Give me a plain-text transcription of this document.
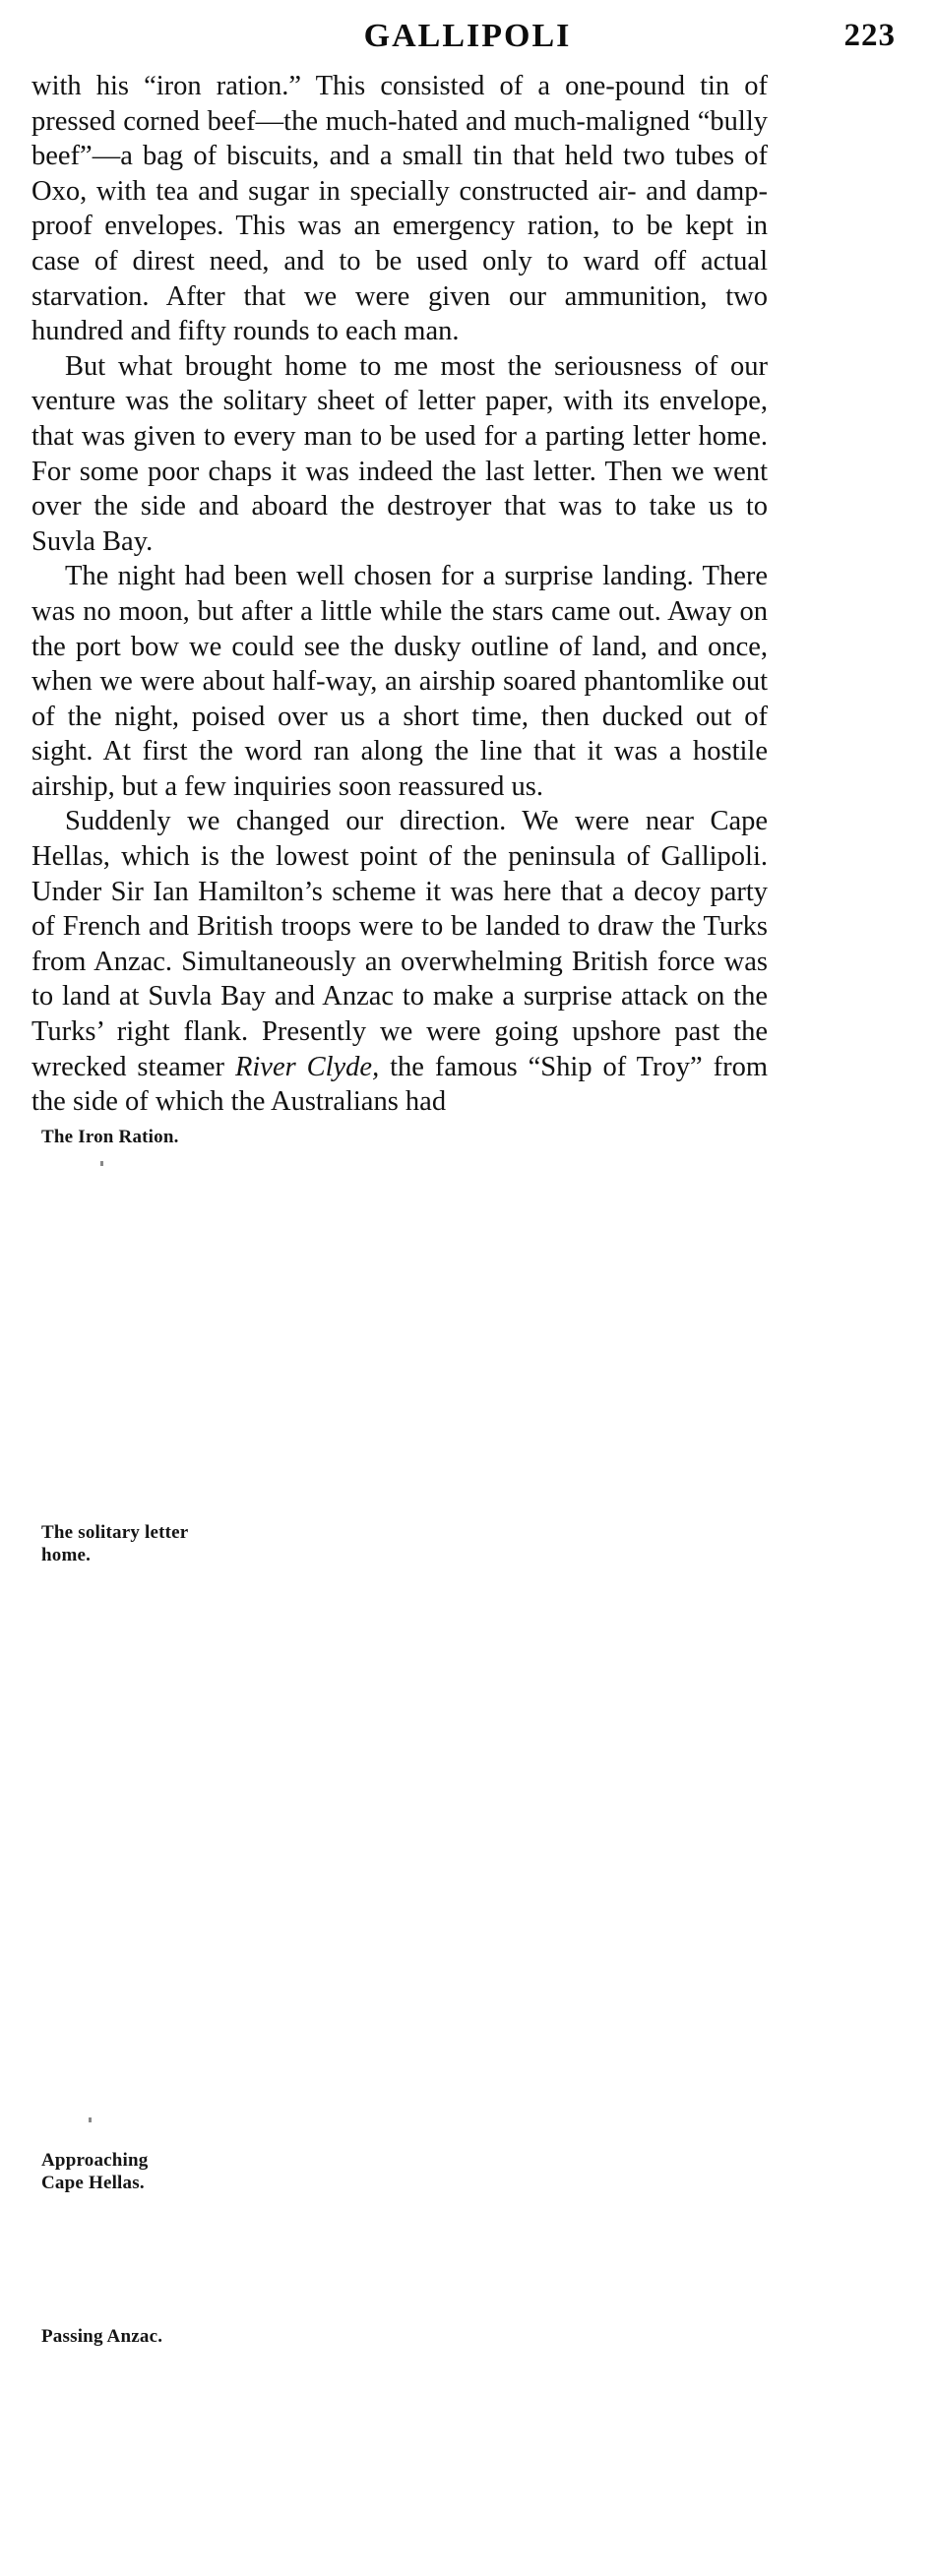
GALLIPOLI	223

with his “iron ration.” This consisted of a one-pound tin of pressed corned beef—the much-hated and much-maligned “bully beef”—a bag of biscuits, and a small tin that held two tubes of Oxo, with tea and sugar in specially constructed air- and damp-proof envelopes. This was an emergency ration, to be kept in case of direst need, and to be used only to ward off actual starvation. After that we were given our ammunition, two hundred and fifty rounds to each man.

But what brought home to me most the seriousness of our venture was the solitary sheet of letter paper, with its envelope, that was given to every man to be used for a parting letter home. For some poor chaps it was indeed the last letter. Then we went over the side and aboard the destroyer that was to take us to Suvla Bay.

The night had been well chosen for a surprise landing. There was no moon, but after a little while the stars came out. Away on the port bow we could see the dusky outline of land, and once, when we were about half-way, an airship soared phantomlike out of the night, poised over us a short time, then ducked out of sight. At first the word ran along the line that it was a hostile airship, but a few inquiries soon reassured us.

Suddenly we changed our direction. We were near Cape Hellas, which is the lowest point of the peninsula of Gallipoli. Under Sir Ian Hamilton’s scheme it was here that a decoy party of French and British troops were to be landed to draw the Turks from Anzac. Simultaneously an overwhelming British force was to land at Suvla Bay and Anzac to make a surprise attack on the Turks’ right flank. Presently we were going upshore past the wrecked steamer River Clyde, the famous “Ship of Troy” from the side of which the Australians had

The Iron Ration.
The solitary letter home.
Approaching Cape Hellas.
Passing Anzac.
